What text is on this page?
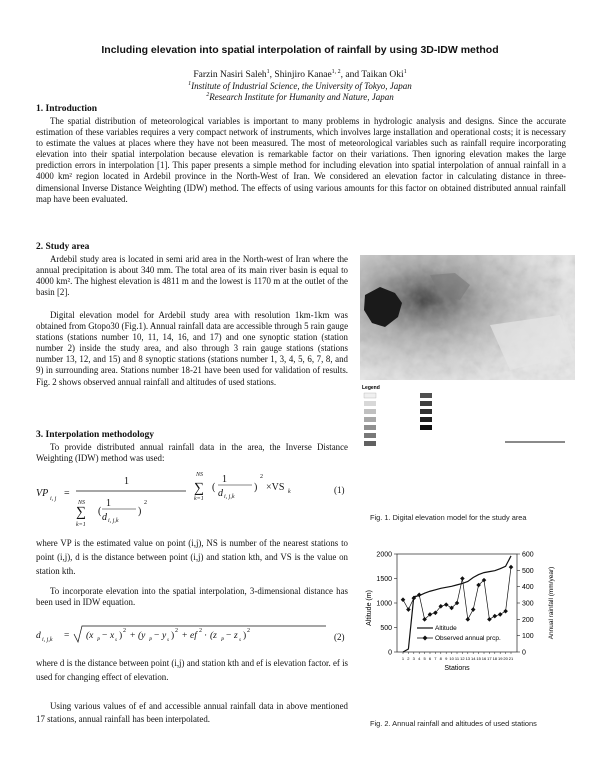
Including elevation into spatial interpolation of rainfall by using 3D-IDW method
Farzin Nasiri Saleh$^1$, Shinjiro Kanae$^{1, 2}$, and Taikan Oki$^1$
$^1$Institute of Industrial Science, the University of Tokyo, Japan
$^2$Research Institute for Humanity and Nature, Japan
1. Introduction
The spatial distribution of meteorological variables is important to many problems in hydrologic analysis and designs. Since the accurate estimation of these variables requires a very compact network of instruments, which involves large installation and operational costs; it is necessary to estimate the values at places where they have not been measured. The most of meteorological variables such as rainfall require incorporating elevation into their spatial interpolation because elevation is remarkable factor on their variations. Then ignoring elevation makes the large prediction errors in interpolation [1]. This paper presents a simple method for including elevation into spatial interpolation of annual rainfall in a 4000 km² region located in Ardebil province in the North-West of Iran. We considered an elevation factor in calculating distance in three-dimensional Inverse Distance Weighting (IDW) method. The effects of using various amounts for this factor on obtained distributed annual rainfall map have been evaluated.
2. Study area
Ardebil study area is located in semi arid area in the North-west of Iran where the annual precipitation is about 340 mm. The total area of its main river basin is equal to 4000 km². The highest elevation is 4811 m and the lowest is 1170 m at the outlet of the basin [2].
Digital elevation model for Ardebil study area with resolution 1km-1km was obtained from Gtopo30 (Fig.1). Annual rainfall data are accessible through 5 rain gauge stations (stations number 10, 11, 14, 16, and 17) and one synoptic station (station number 2) inside the study area, and also through 3 rain gauge stations (stations number 13, 12, and 15) and 8 synoptic stations (stations number 1, 3, 4, 5, 6, 7, 8, and 9) in surrounding area. Stations number 18-21 have been used for validation of results. Fig. 2 shows observed annual rainfall and altitudes of used stations.
3. Interpolation methodology
To provide distributed annual rainfall data in the area, the Inverse Distance Weighting (IDW) method was used:
VP i, j =
1
NS
∑
k=1
(
1
d i, j,k
)
2
NS
∑
k=1
(
1
d i, j,k
)
2
×VS k	(1)
where VP is the estimated value on point (i,j), NS is number of the nearest stations to point (i,j), d is the distance between point (i,j) and station kth, and VS is the value on station kth.
To incorporate elevation into the spatial interpolation, 3-dimensional distance has been used in IDW equation.
d i, j,k = (x P − x s ) 2 + (y P − y s ) 2 + ef 2 · (z P − z s ) 2
(2)
where d is the distance between point (i,j) and station kth and ef is elevation factor. ef is used for changing effect of elevation.
Using various values of ef and accessible annual rainfall data in above mentioned 17 stations, annual rainfall has been interpolated.
Legend
Fig. 1. Digital elevation model for the study area
0
500
1000
1500
2000
0
100
200
300
400
500
600
1 2 3 4 5 6 7 8 9 10 11 12 13 14 15 16 17 18 19 20 21
Altitude (m)	Annual rainfall (mm/year)
Stations
Altitude
Observed annual prcp.
Fig. 2. Annual rainfall and altitudes of used stations
